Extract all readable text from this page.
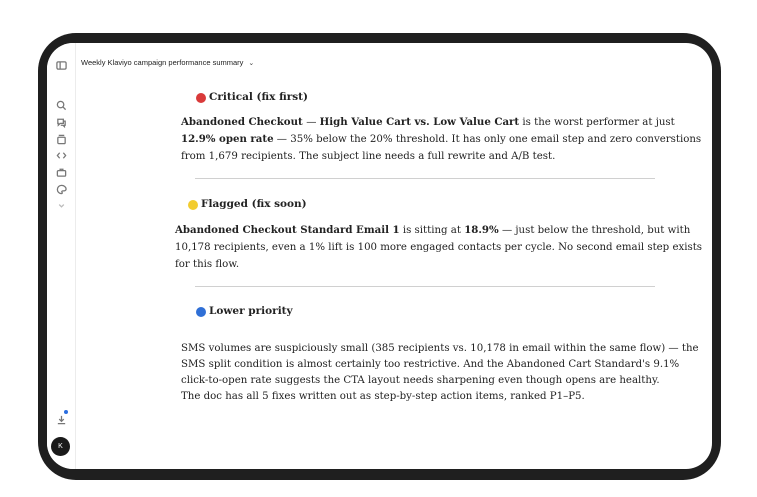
K
Weekly Klaviyo campaign performance summary ⌄
Critical (fix first)
Abandoned Checkout — High Value Cart vs. Low Value Cart is the worst performer at just
12.9% open rate — 35% below the 20% threshold. It has only one email step and zero converstions
from 1,679 recipients. The subject line needs a full rewrite and A/B test.
Flagged (fix soon)
Abandoned Checkout Standard Email 1 is sitting at 18.9% — just below the threshold, but with
10,178 recipients, even a 1% lift is 100 more engaged contacts per cycle. No second email step exists
for this flow.
Lower priority
SMS volumes are suspiciously small (385 recipients vs. 10,178 in email within the same flow) — the
SMS split condition is almost certainly too restrictive. And the Abandoned Cart Standard's 9.1%
click-to-open rate suggests the CTA layout needs sharpening even though opens are healthy.
The doc has all 5 fixes written out as step-by-step action items, ranked P1–P5.
